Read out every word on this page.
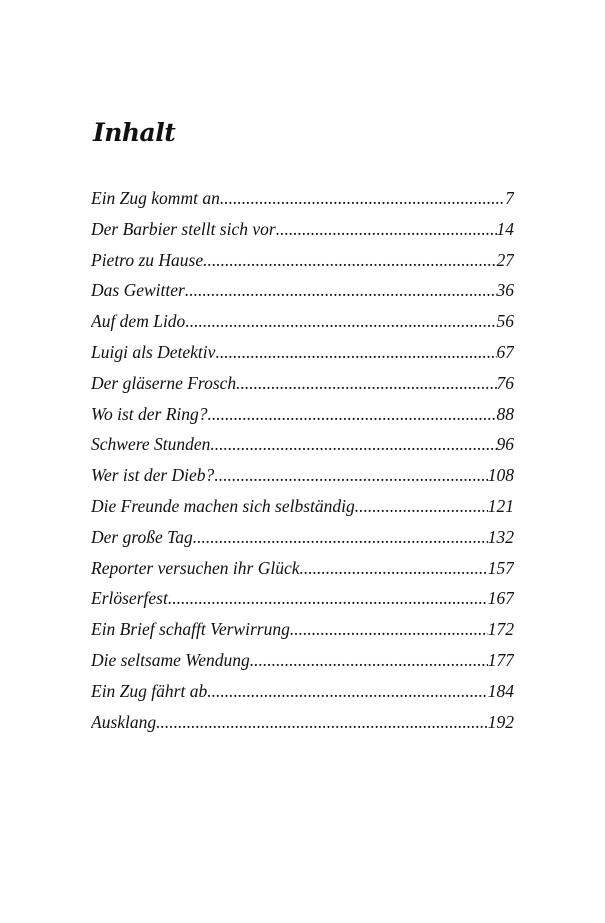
Inhalt
Ein Zug kommt an .....	7
Der Barbier stellt sich vor .....	14
Pietro zu Hause .....	27
Das Gewitter .....	36
Auf dem Lido .....	56
Luigi als Detektiv .....	67
Der gläserne Frosch .....	76
Wo ist der Ring? .....	88
Schwere Stunden .....	96
Wer ist der Dieb? .....	108
Die Freunde machen sich selbständig .....	121
Der große Tag .....	132
Reporter versuchen ihr Glück .....	157
Erlöserfest .....	167
Ein Brief schafft Verwirrung .....	172
Die seltsame Wendung .....	177
Ein Zug fährt ab .....	184
Ausklang .....	192
